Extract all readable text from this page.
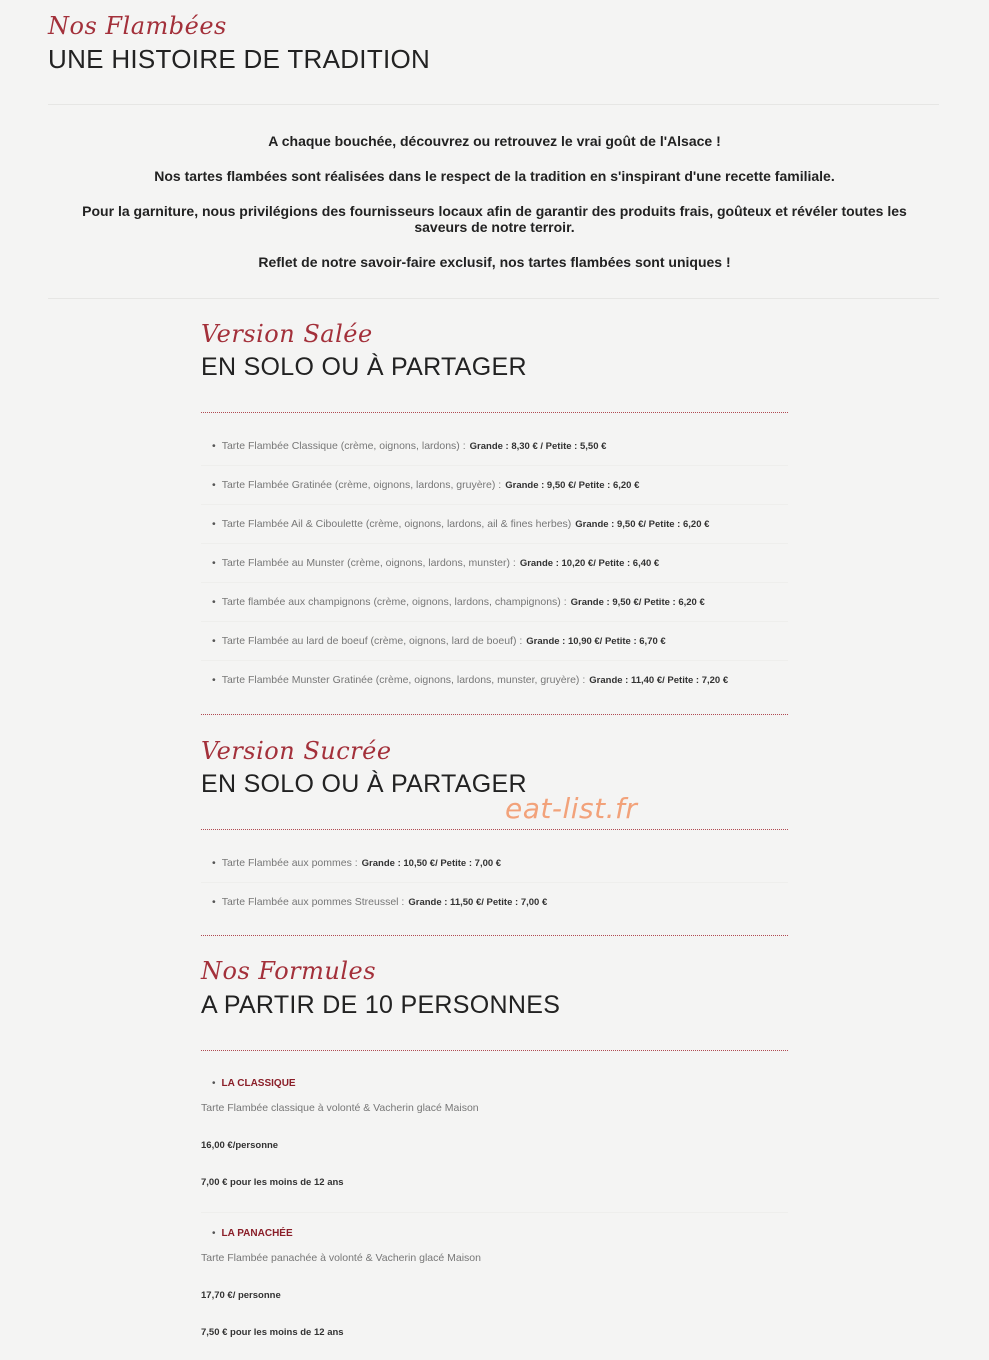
Nos Flambées
UNE HISTOIRE DE TRADITION

A chaque bouchée, découvrez ou retrouvez le vrai goût de l'Alsace !

Nos tartes flambées sont réalisées dans le respect de la tradition en s'inspirant d'une recette familiale.

Pour la garniture, nous privilégions des fournisseurs locaux afin de garantir des produits frais, goûteux et révéler toutes les saveurs de notre terroir.

Reflet de notre savoir-faire exclusif, nos tartes flambées sont uniques !

Version Salée
EN SOLO OU À PARTAGER
• Tarte Flambée Classique (crème, oignons, lardons) : Grande : 8,30 € / Petite : 5,50 €
• Tarte Flambée Gratinée (crème, oignons, lardons, gruyère) : Grande : 9,50 €/ Petite : 6,20 €
• Tarte Flambée Ail & Ciboulette (crème, oignons, lardons, ail & fines herbes) Grande : 9,50 €/ Petite : 6,20 €
• Tarte Flambée au Munster (crème, oignons, lardons, munster) : Grande : 10,20 €/ Petite : 6,40 €
• Tarte flambée aux champignons (crème, oignons, lardons, champignons) : Grande : 9,50 €/ Petite : 6,20 €
• Tarte Flambée au lard de boeuf (crème, oignons, lard de boeuf) : Grande : 10,90 €/ Petite : 6,70 €
• Tarte Flambée Munster Gratinée (crème, oignons, lardons, munster, gruyère) : Grande : 11,40 €/ Petite : 7,20 €
Version Sucrée
EN SOLO OU À PARTAGER
eat-list.fr
• Tarte Flambée aux pommes : Grande : 10,50 €/ Petite : 7,00 €
• Tarte Flambée aux pommes Streussel : Grande : 11,50 €/ Petite : 7,00 €
Nos Formules
A PARTIR DE 10 PERSONNES
• LA CLASSIQUE
Tarte Flambée classique à volonté & Vacherin glacé Maison
16,00 €/personne
7,00 € pour les moins de 12 ans
• LA PANACHÉE
Tarte Flambée panachée à volonté & Vacherin glacé Maison
17,70 €/ personne
7,50 € pour les moins de 12 ans
